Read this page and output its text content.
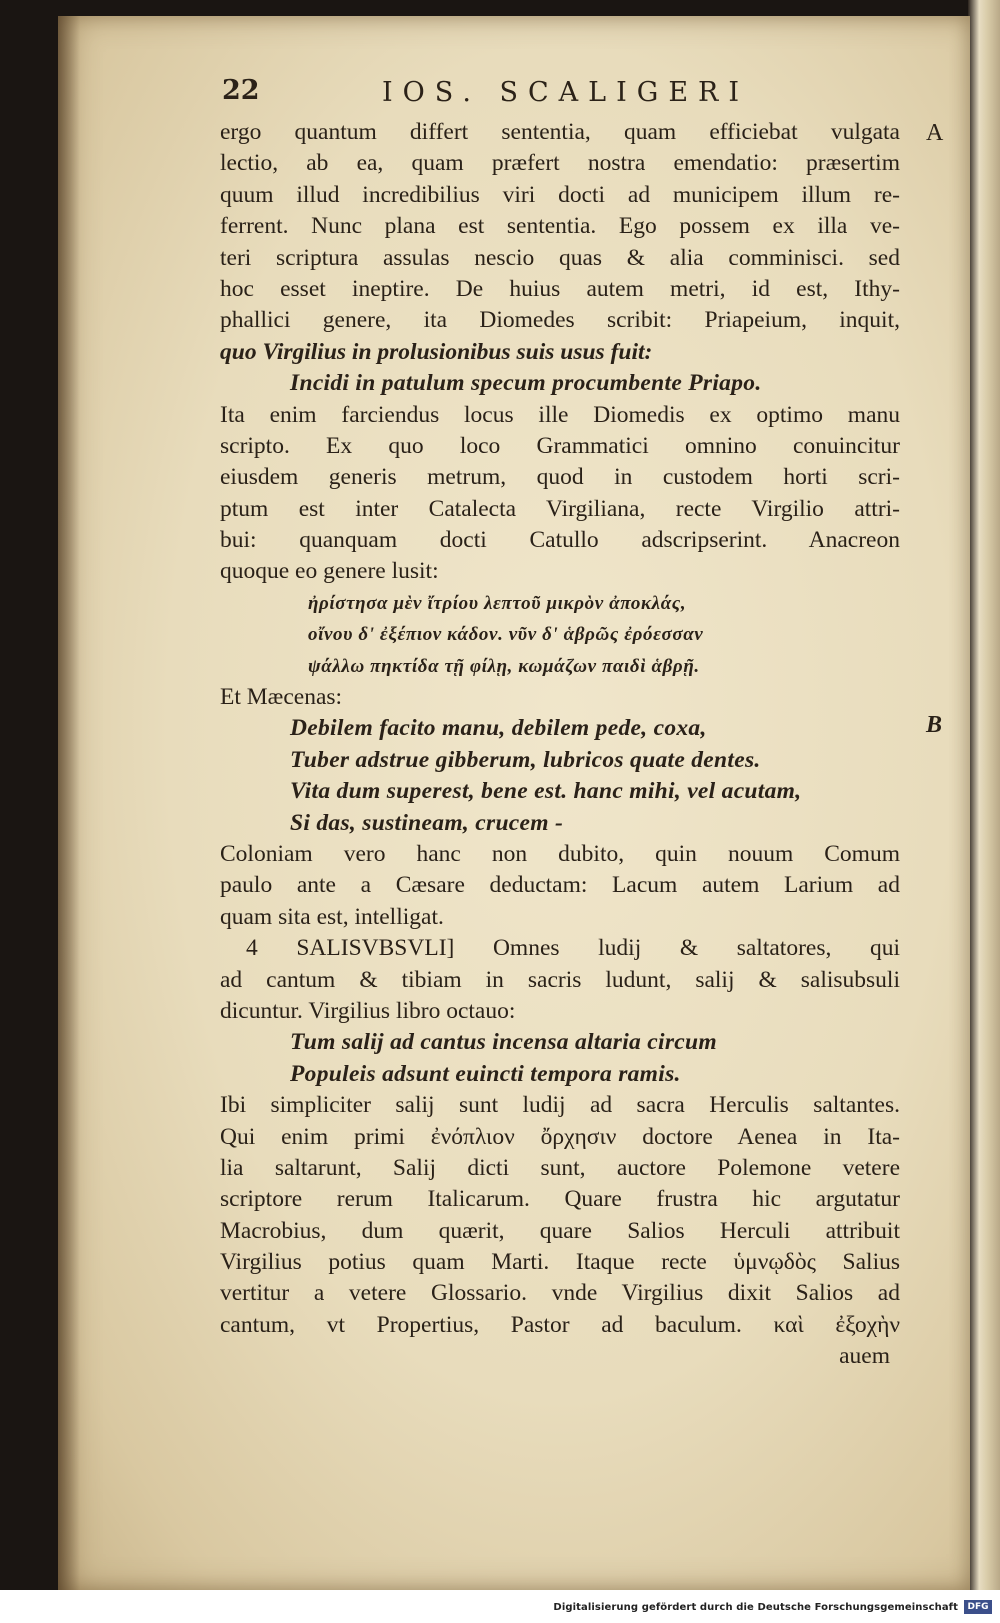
22	IOS. SCALIGERI
A
B
ergo quantum differt sententia, quam efficiebat vulgata
lectio, ab ea, quam præfert nostra emendatio: præsertim
quum illud incredibilius viri docti ad municipem illum re-
ferrent. Nunc plana est sententia. Ego possem ex illa ve-
teri scriptura assulas nescio quas & alia comminisci. sed
hoc esset ineptire. De huius autem metri, id est, Ithy-
phallici genere, ita Diomedes scribit: Priapeium, inquit,
quo Virgilius in prolusionibus suis usus fuit:
Incidi in patulum specum procumbente Priapo.
Ita enim farciendus locus ille Diomedis ex optimo manu
scripto. Ex quo loco Grammatici omnino conuincitur
eiusdem generis metrum, quod in custodem horti scri-
ptum est inter Catalecta Virgiliana, recte Virgilio attri-
bui: quanquam docti Catullo adscripserint. Anacreon
quoque eo genere lusit:
ἠρίστησα μὲν ἴτρίου λεπτοῦ μικρὸν ἀποκλάς,
οἴνου δ' ἐξέπιον κάδον. νῦν δ' ἁβρῶς ἐρόεσσαν
ψάλλω πηκτίδα τῇ φίλῃ, κωμάζων παιδὶ ἁβρῇ.
Et Mæcenas:
Debilem facito manu, debilem pede, coxa,
Tuber adstrue gibberum, lubricos quate dentes.
Vita dum superest, bene est. hanc mihi, vel acutam,
Si das, sustineam, crucem -
Coloniam vero hanc non dubito, quin nouum Comum
paulo ante a Cæsare deductam: Lacum autem Larium ad
quam sita est, intelligat.
4 SALISVBSVLI] Omnes ludij & saltatores, qui
ad cantum & tibiam in sacris ludunt, salij & salisubsuli
dicuntur. Virgilius libro octauo:
Tum salij ad cantus incensa altaria circum
Populeis adsunt euincti tempora ramis.
Ibi simpliciter salij sunt ludij ad sacra Herculis saltantes.
Qui enim primi ἐνόπλιον ὄρχησιν doctore Aenea in Ita-
lia saltarunt, Salij dicti sunt, auctore Polemone vetere
scriptore rerum Italicarum. Quare frustra hic argutatur
Macrobius, dum quærit, quare Salios Herculi attribuit
Virgilius potius quam Marti. Itaque recte ὑμνῳδὸς Salius
vertitur a vetere Glossario. vnde Virgilius dixit Salios ad
cantum, vt Propertius, Pastor ad baculum. καὶ ἐξοχὴν
auem
Digitalisierung gefördert durch die Deutsche Forschungsgemeinschaft	DFG
